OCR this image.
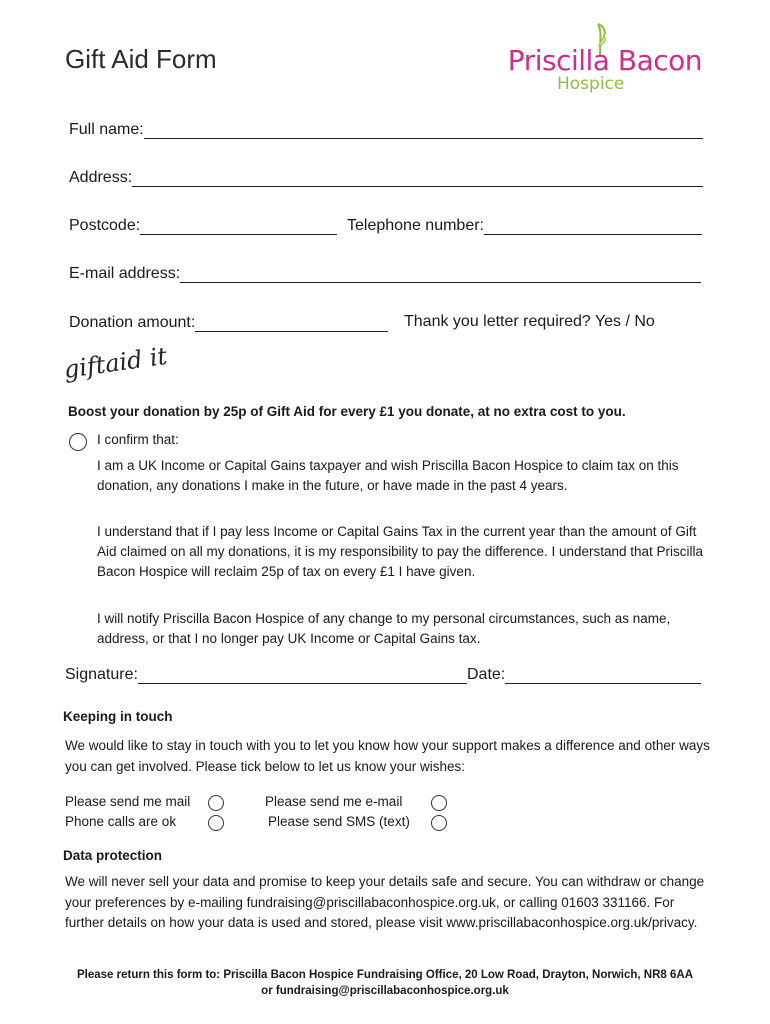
Gift Aid Form	Priscilla Bacon
Hospice
Full name:
Address:
Postcode:	Telephone number:
E-mail address:
Donation amount:	Thank you letter required? Yes / No
giftaid it
Boost your donation by 25p of Gift Aid for every £1 you donate, at no extra cost to you.
I confirm that:
I am a UK Income or Capital Gains taxpayer and wish Priscilla Bacon Hospice to claim tax on this donation, any donations I make in the future, or have made in the past 4 years.
I understand that if I pay less Income or Capital Gains Tax in the current year than the amount of Gift Aid claimed on all my donations, it is my responsibility to pay the difference. I understand that Priscilla Bacon Hospice will reclaim 25p of tax on every £1 I have given.
I will notify Priscilla Bacon Hospice of any change to my personal circumstances, such as name, address, or that I no longer pay UK Income or Capital Gains tax.
Signature:	Date:
Keeping in touch
We would like to stay in touch with you to let you know how your support makes a difference and other ways you can get involved. Please tick below to let us know your wishes:
Please send me mail	Please send me e-mail
Phone calls are ok	Please send SMS (text)
Data protection
We will never sell your data and promise to keep your details safe and secure. You can withdraw or change your preferences by e-mailing fundraising@priscillabaconhospice.org.uk, or calling 01603 331166. For further details on how your data is used and stored, please visit www.priscillabaconhospice.org.uk/privacy.
Please return this form to: Priscilla Bacon Hospice Fundraising Office, 20 Low Road, Drayton, Norwich, NR8 6AA
or fundraising@priscillabaconhospice.org.uk
